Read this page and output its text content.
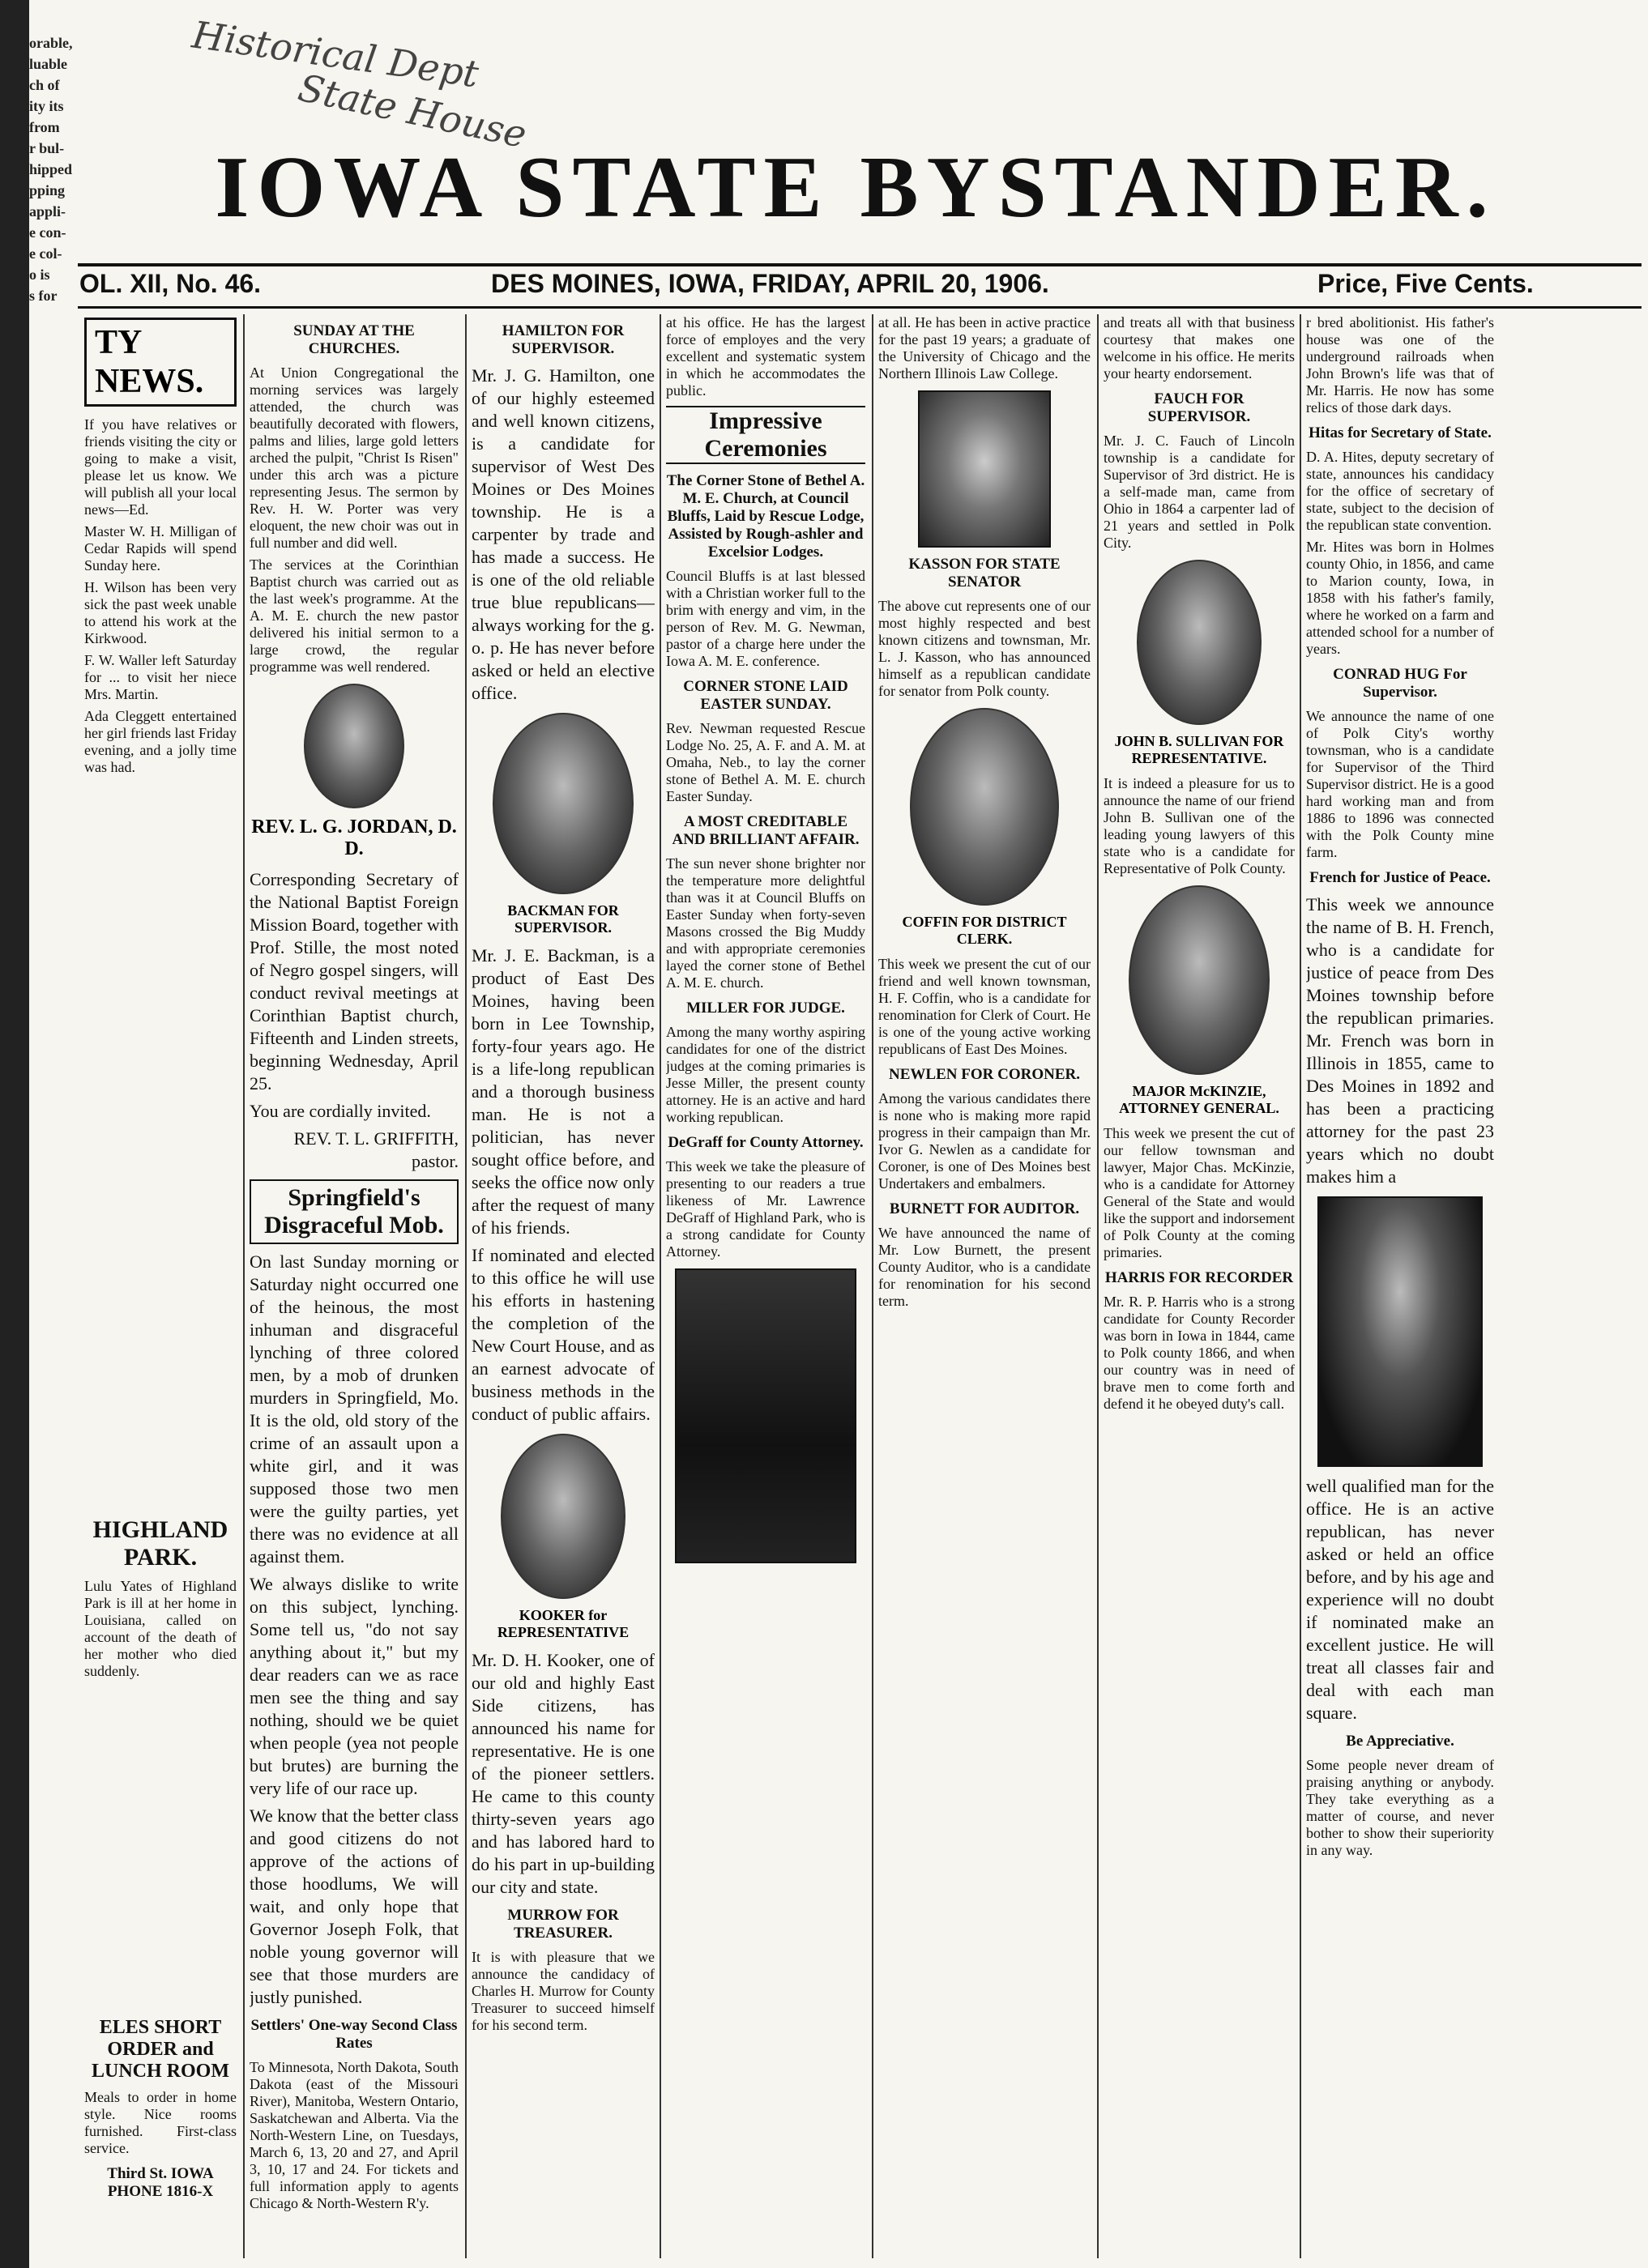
orable,
luable
ch of
ity its
from
r bul-
hipped
pping
appli-
e con-
e col-
o is
s for
Historical Dept
State House
IOWA STATE BYSTANDER.
OL. XII, No. 46.	DES MOINES, IOWA, FRIDAY, APRIL 20, 1906.	Price, Five Cents.
TY NEWS.

If you have relatives or friends visiting the city or going to make a visit, please let us know. We will publish all your local news—Ed.

Master W. H. Milligan of Cedar Rapids will spend Sunday here.

H. Wilson has been very sick the past week unable to attend his work at the Kirkwood.

F. W. Waller left Saturday for ... to visit her niece Mrs. Martin.

Ada Cleggett entertained her girl friends last Friday evening, and a jolly time was had.

HIGHLAND PARK.

Lulu Yates of Highland Park is ill at her home in Louisiana, called on account of the death of her mother who died suddenly.

ELES SHORT ORDER and LUNCH ROOM

Meals to order in home style. Nice rooms furnished. First-class service.

Third St. IOWA PHONE 1816-X
SUNDAY AT THE CHURCHES.

At Union Congregational the morning services was largely attended, the church was beautifully decorated with flowers, palms and lilies, large gold letters arched the pulpit, "Christ Is Risen" under this arch was a picture representing Jesus. The sermon by Rev. H. W. Porter was very eloquent, the new choir was out in full number and did well.

The services at the Corinthian Baptist church was carried out as the last week's programme. At the A. M. E. church the new pastor delivered his initial sermon to a large crowd, the regular programme was well rendered.

REV. L. G. JORDAN, D. D.

Corresponding Secretary of the National Baptist Foreign Mission Board, together with Prof. Stille, the most noted of Negro gospel singers, will conduct revival meetings at Corinthian Baptist church, Fifteenth and Linden streets, beginning Wednesday, April 25.

You are cordially invited.

REV. T. L. GRIFFITH, pastor.

Springfield's Disgraceful Mob.

On last Sunday morning or Saturday night occurred one of the heinous, the most inhuman and disgraceful lynching of three colored men, by a mob of drunken murders in Springfield, Mo. It is the old, old story of the crime of an assault upon a white girl, and it was supposed those two men were the guilty parties, yet there was no evidence at all against them.

We always dislike to write on this subject, lynching. Some tell us, "do not say anything about it," but my dear readers can we as race men see the thing and say nothing, should we be quiet when people (yea not people but brutes) are burning the very life of our race up.

We know that the better class and good citizens do not approve of the actions of those hoodlums, We will wait, and only hope that Governor Joseph Folk, that noble young governor will see that those murders are justly punished.

Settlers' One-way Second Class Rates

To Minnesota, North Dakota, South Dakota (east of the Missouri River), Manitoba, Western Ontario, Saskatchewan and Alberta. Via the North-Western Line, on Tuesdays, March 6, 13, 20 and 27, and April 3, 10, 17 and 24. For tickets and full information apply to agents Chicago & North-Western R'y.

HAMILTON FOR SUPERVISOR.

Mr. J. G. Hamilton, one of our highly esteemed and well known citizens, is a candidate for supervisor of West Des Moines or Des Moines township. He is a carpenter by trade and has made a success. He is one of the old reliable true blue republicans—always working for the g. o. p. He has never before asked or held an elective office.

BACKMAN FOR SUPERVISOR.

Mr. J. E. Backman, is a product of East Des Moines, having been born in Lee Township, forty-four years ago. He is a life-long republican and a thorough business man. He is not a politician, has never sought office before, and seeks the office now only after the request of many of his friends.

If nominated and elected to this office he will use his efforts in hastening the completion of the New Court House, and as an earnest advocate of business methods in the conduct of public affairs.

KOOKER for REPRESENTATIVE

Mr. D. H. Kooker, one of our old and highly East Side citizens, has announced his name for representative. He is one of the pioneer settlers. He came to this county thirty-seven years ago and has labored hard to do his part in up-building our city and state.

MURROW FOR TREASURER.

It is with pleasure that we announce the candidacy of Charles H. Murrow for County Treasurer to succeed himself for his second term.

at his office. He has the largest force of employes and the very excellent and systematic system in which he accommodates the public.

Impressive Ceremonies
The Corner Stone of Bethel A. M. E. Church, at Council Bluffs, Laid by Rescue Lodge, Assisted by Rough-ashler and Excelsior Lodges.

Council Bluffs is at last blessed with a Christian worker full to the brim with energy and vim, in the person of Rev. M. G. Newman, pastor of a charge here under the Iowa A. M. E. conference.

CORNER STONE LAID EASTER SUNDAY.

Rev. Newman requested Rescue Lodge No. 25, A. F. and A. M. at Omaha, Neb., to lay the corner stone of Bethel A. M. E. church Easter Sunday.

A MOST CREDITABLE AND BRILLIANT AFFAIR.

The sun never shone brighter nor the temperature more delightful than was it at Council Bluffs on Easter Sunday when forty-seven Masons crossed the Big Muddy and with appropriate ceremonies layed the corner stone of Bethel A. M. E. church.

MILLER FOR JUDGE.

Among the many worthy aspiring candidates for one of the district judges at the coming primaries is Jesse Miller, the present county attorney. He is an active and hard working republican.

DeGraff for County Attorney.

This week we take the pleasure of presenting to our readers a true likeness of Mr. Lawrence DeGraff of Highland Park, who is a strong candidate for County Attorney.

at all. He has been in active practice for the past 19 years; a graduate of the University of Chicago and the Northern Illinois Law College.

KASSON FOR STATE SENATOR

The above cut represents one of our most highly respected and best known citizens and townsman, Mr. L. J. Kasson, who has announced himself as a republican candidate for senator from Polk county.

COFFIN FOR DISTRICT CLERK.

This week we present the cut of our friend and well known townsman, H. F. Coffin, who is a candidate for renomination for Clerk of Court. He is one of the young active working republicans of East Des Moines.

NEWLEN FOR CORONER.

Among the various candidates there is none who is making more rapid progress in their campaign than Mr. Ivor G. Newlen as a candidate for Coroner, is one of Des Moines best Undertakers and embalmers.

BURNETT FOR AUDITOR.

We have announced the name of Mr. Low Burnett, the present County Auditor, who is a candidate for renomination for his second term.

and treats all with that business courtesy that makes one welcome in his office. He merits your hearty endorsement.

FAUCH FOR SUPERVISOR.

Mr. J. C. Fauch of Lincoln township is a candidate for Supervisor of 3rd district. He is a self-made man, came from Ohio in 1864 a carpenter lad of 21 years and settled in Polk City.

JOHN B. SULLIVAN FOR REPRESENTATIVE.

It is indeed a pleasure for us to announce the name of our friend John B. Sullivan one of the leading young lawyers of this state who is a candidate for Representative of Polk County.

MAJOR McKINZIE, ATTORNEY GENERAL.

This week we present the cut of our fellow townsman and lawyer, Major Chas. McKinzie, who is a candidate for Attorney General of the State and would like the support and indorsement of Polk County at the coming primaries.

HARRIS FOR RECORDER

Mr. R. P. Harris who is a strong candidate for County Recorder was born in Iowa in 1844, came to Polk county 1866, and when our country was in need of brave men to come forth and defend it he obeyed duty's call.

r bred abolitionist. His father's house was one of the underground railroads when John Brown's life was that of Mr. Harris. He now has some relics of those dark days.

Hitas for Secretary of State.

D. A. Hites, deputy secretary of state, announces his candidacy for the office of secretary of state, subject to the decision of the republican state convention.

Mr. Hites was born in Holmes county Ohio, in 1856, and came to Marion county, Iowa, in 1858 with his father's family, where he worked on a farm and attended school for a number of years.

CONRAD HUG For Supervisor.

We announce the name of one of Polk City's worthy townsman, who is a candidate for Supervisor of the Third Supervisor district. He is a good hard working man and from 1886 to 1896 was connected with the Polk County mine farm.

French for Justice of Peace.

This week we announce the name of B. H. French, who is a candidate for justice of peace from Des Moines township before the republican primaries. Mr. French was born in Illinois in 1855, came to Des Moines in 1892 and has been a practicing attorney for the past 23 years which no doubt makes him a

well qualified man for the office. He is an active republican, has never asked or held an office before, and by his age and experience will no doubt if nominated make an excellent justice. He will treat all classes fair and deal with each man square.

Be Appreciative.

Some people never dream of praising anything or anybody. They take everything as a matter of course, and never bother to show their superiority in any way.
